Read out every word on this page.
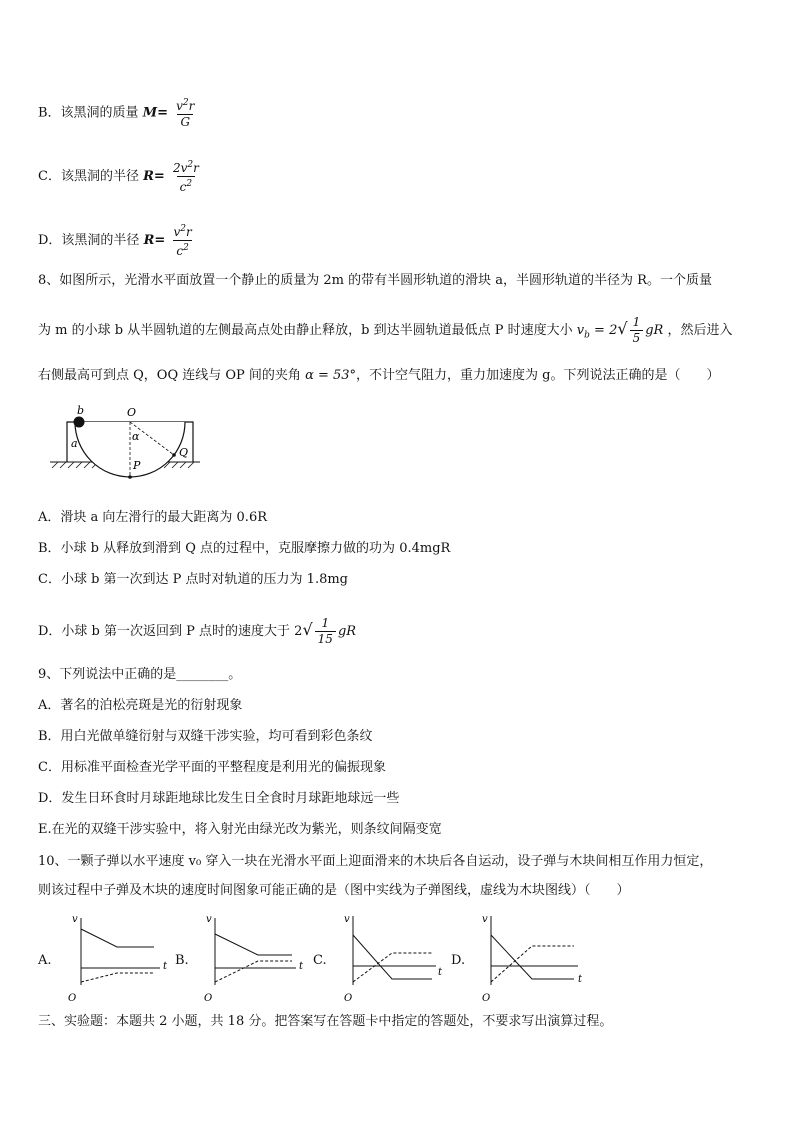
B．该黑洞的质量 $M= \frac{v^2r}{G}$
C．该黑洞的半径 $R= \frac{2v^2r}{c^2}$
D．该黑洞的半径 $R= \frac{v^2r}{c^2}$
8、如图所示，光滑水平面放置一个静止的质量为 2m 的带有半圆形轨道的滑块 a，半圆形轨道的半径为 R。一个质量
为 m 的小球 b 从半圆轨道的左侧最高点处由静止释放，b 到达半圆轨道最低点 P 时速度大小 $v_b = 2√ \frac{1}{5}$ gR ，然后进入
右侧最高可到点 Q，OQ 连线与 OP 间的夹角 α = 53°，不计空气阻力，重力加速度为 g。下列说法正确的是（　　）
b	O
α
Q
a
P
A．滑块 a 向左滑行的最大距离为 0.6R
B．小球 b 从释放到滑到 Q 点的过程中，克服摩擦力做的功为 0.4mgR
C．小球 b 第一次到达 P 点时对轨道的压力为 1.8mg
D．小球 b 第一次返回到 P 点时的速度大于 $2√ \frac{1}{15}$ gR
9、下列说法中正确的是________。
A．著名的泊松亮斑是光的衍射现象
B．用白光做单缝衍射与双缝干涉实验，均可看到彩色条纹
C．用标准平面检查光学平面的平整程度是利用光的偏振现象
D．发生日环食时月球距地球比发生日全食时月球距地球远一些
E.在光的双缝干涉实验中，将入射光由绿光改为紫光，则条纹间隔变宽
10、一颗子弹以水平速度 v₀ 穿入一块在光滑水平面上迎面滑来的木块后各自运动，设子弹与木块间相互作用力恒定，
则该过程中子弹及木块的速度时间图象可能正确的是（图中实线为子弹图线，虚线为木块图线）（　　）
A.
v
t
O
B.
v
t
O
C.
v
t
O
D.
v
t
O
三、实验题：本题共 2 小题，共 18 分。把答案写在答题卡中指定的答题处，不要求写出演算过程。
